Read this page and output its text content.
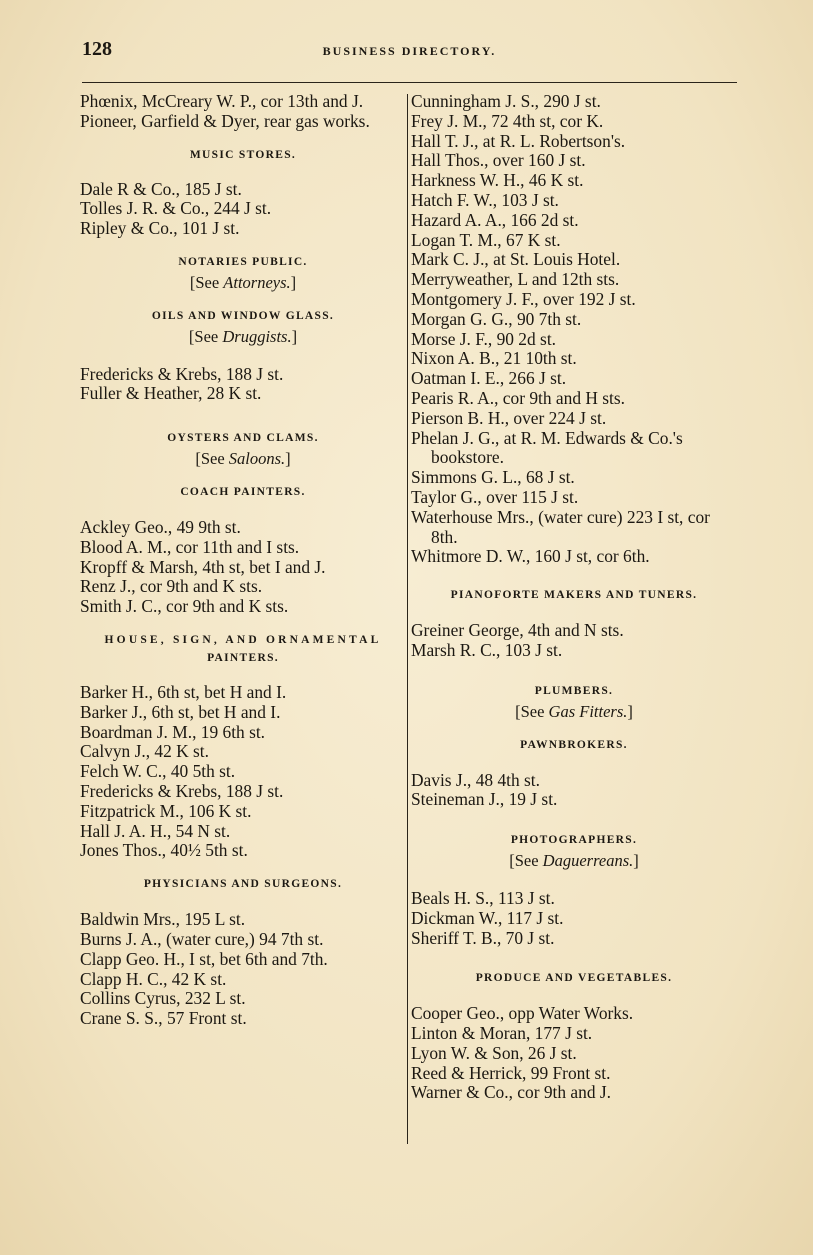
128	BUSINESS DIRECTORY.

Phœnix, McCreary W. P., cor 13th and J.

Pioneer, Garfield & Dyer, rear gas works.

MUSIC STORES.

Dale R & Co., 185 J st.

Tolles J. R. & Co., 244 J st.

Ripley & Co., 101 J st.

NOTARIES PUBLIC.
[See Attorneys.]
OILS AND WINDOW GLASS.
[See Druggists.]

Fredericks & Krebs, 188 J st.

Fuller & Heather, 28 K st.

OYSTERS AND CLAMS.
[See Saloons.]
COACH PAINTERS.

Ackley Geo., 49 9th st.

Blood A. M., cor 11th and I sts.

Kropff & Marsh, 4th st, bet I and J.

Renz J., cor 9th and K sts.

Smith J. C., cor 9th and K sts.

HOUSE, SIGN, AND ORNAMENTAL
PAINTERS.

Barker H., 6th st, bet H and I.

Barker J., 6th st, bet H and I.

Boardman J. M., 19 6th st.

Calvyn J., 42 K st.

Felch W. C., 40 5th st.

Fredericks & Krebs, 188 J st.

Fitzpatrick M., 106 K st.

Hall J. A. H., 54 N st.

Jones Thos., 40½ 5th st.

PHYSICIANS AND SURGEONS.

Baldwin Mrs., 195 L st.

Burns J. A., (water cure,) 94 7th st.

Clapp Geo. H., I st, bet 6th and 7th.

Clapp H. C., 42 K st.

Collins Cyrus, 232 L st.

Crane S. S., 57 Front st.

Cunningham J. S., 290 J st.

Frey J. M., 72 4th st, cor K.

Hall T. J., at R. L. Robertson's.

Hall Thos., over 160 J st.

Harkness W. H., 46 K st.

Hatch F. W., 103 J st.

Hazard A. A., 166 2d st.

Logan T. M., 67 K st.

Mark C. J., at St. Louis Hotel.

Merryweather, L and 12th sts.

Montgomery J. F., over 192 J st.

Morgan G. G., 90 7th st.

Morse J. F., 90 2d st.

Nixon A. B., 21 10th st.

Oatman I. E., 266 J st.

Pearis R. A., cor 9th and H sts.

Pierson B. H., over 224 J st.

Phelan J. G., at R. M. Edwards & Co.'s bookstore.

Simmons G. L., 68 J st.

Taylor G., over 115 J st.

Waterhouse Mrs., (water cure) 223 I st, cor 8th.

Whitmore D. W., 160 J st, cor 6th.

PIANOFORTE MAKERS AND TUNERS.

Greiner George, 4th and N sts.

Marsh R. C., 103 J st.

PLUMBERS.
[See Gas Fitters.]
PAWNBROKERS.

Davis J., 48 4th st.

Steineman J., 19 J st.

PHOTOGRAPHERS.
[See Daguerreans.]

Beals H. S., 113 J st.

Dickman W., 117 J st.

Sheriff T. B., 70 J st.

PRODUCE AND VEGETABLES.

Cooper Geo., opp Water Works.

Linton & Moran, 177 J st.

Lyon W. & Son, 26 J st.

Reed & Herrick, 99 Front st.

Warner & Co., cor 9th and J.
